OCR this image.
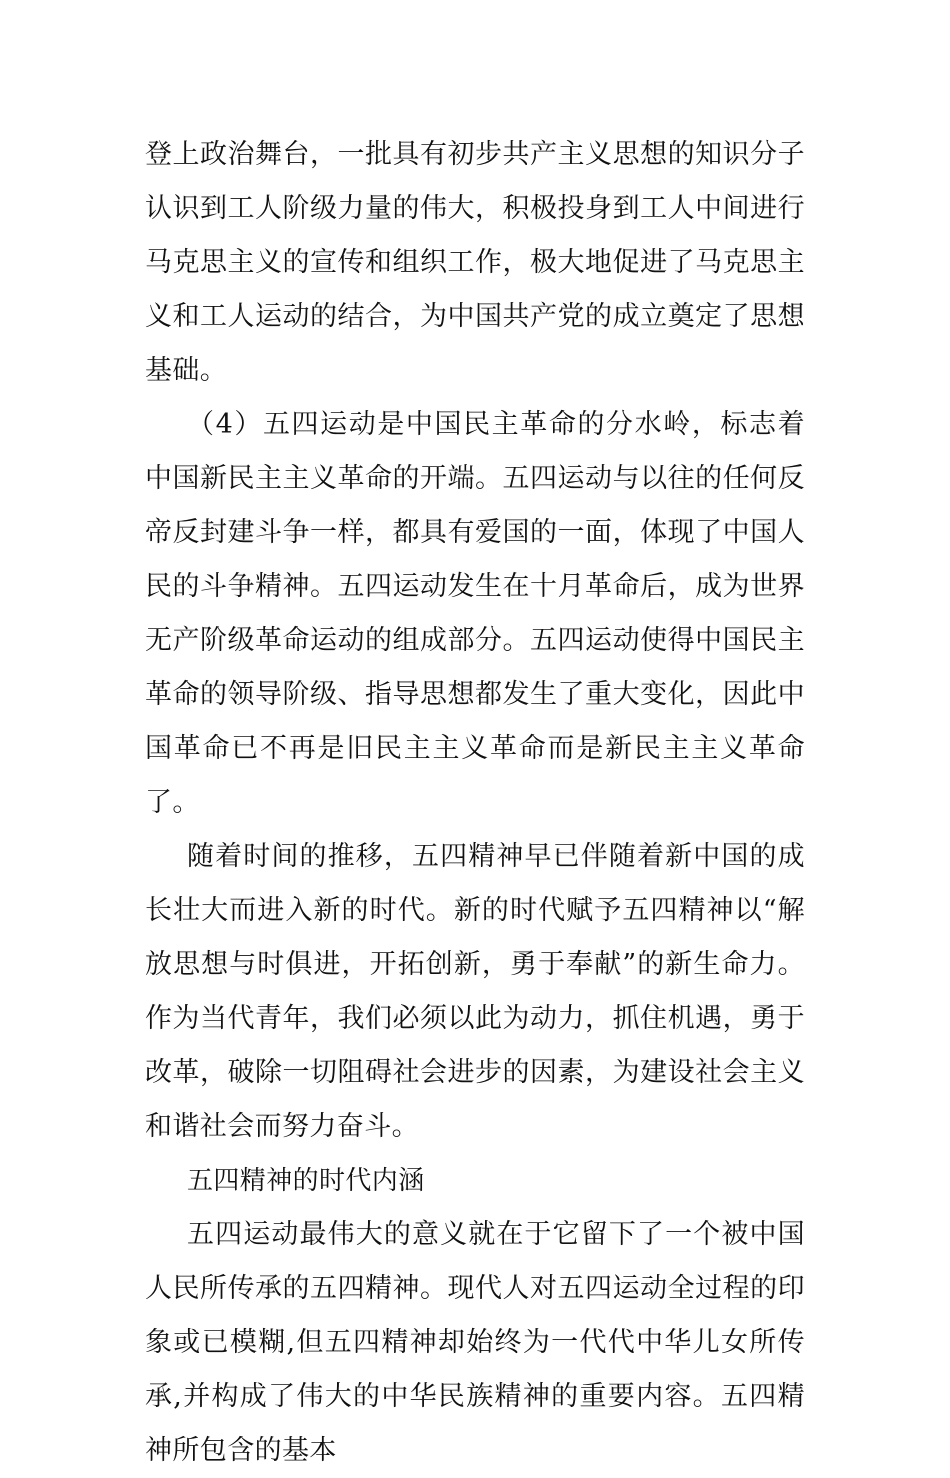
登上政治舞台，一批具有初步共产主义思想的知识分子认识到工人阶级力量的伟大，积极投身到工人中间进行马克思主义的宣传和组织工作，极大地促进了马克思主义和工人运动的结合，为中国共产党的成立奠定了思想基础。

（4）五四运动是中国民主革命的分水岭，标志着中国新民主主义革命的开端。五四运动与以往的任何反帝反封建斗争一样，都具有爱国的一面，体现了中国人民的斗争精神。五四运动发生在十月革命后，成为世界无产阶级革命运动的组成部分。五四运动使得中国民主革命的领导阶级、指导思想都发生了重大变化，因此中国革命已不再是旧民主主义革命而是新民主主义革命了。

随着时间的推移，五四精神早已伴随着新中国的成长壮大而进入新的时代。新的时代赋予五四精神以“解放思想与时俱进，开拓创新，勇于奉献”的新生命力。作为当代青年，我们必须以此为动力，抓住机遇，勇于改革，破除一切阻碍社会进步的因素，为建设社会主义和谐社会而努力奋斗。

五四精神的时代内涵

五四运动最伟大的意义就在于它留下了一个被中国人民所传承的五四精神。现代人对五四运动全过程的印象或已模糊,但五四精神却始终为一代代中华儿女所传承,并构成了伟大的中华民族精神的重要内容。五四精神所包含的基本
